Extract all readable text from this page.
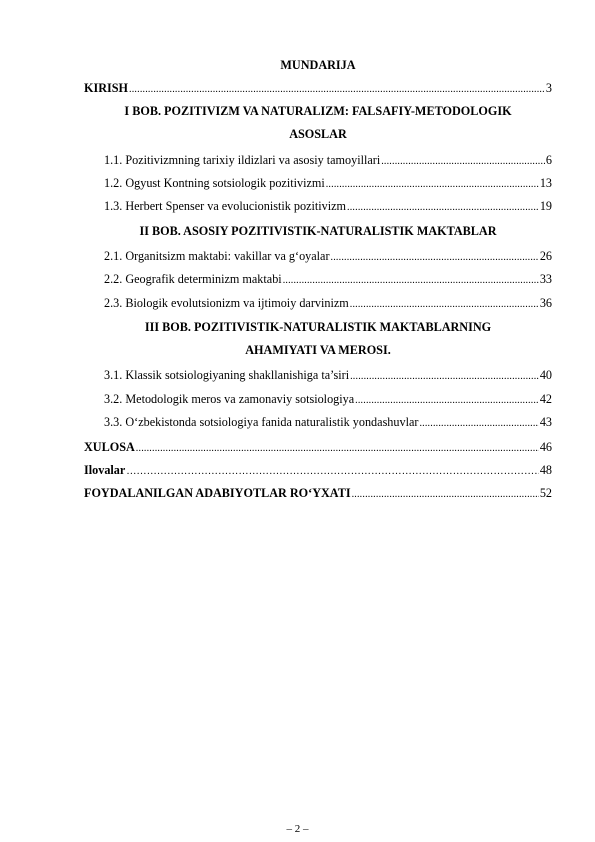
MUNDARIJA
KIRISH .....	3
I BOB. POZITIVIZM VA NATURALIZM: FALSAFIY-METODOLOGIK
ASOSLAR
1.1. Pozitivizmning tarixiy ildizlari va asosiy tamoyillari .....	6
1.2. Ogyust Kontning sotsiologik pozitivizmi .....	13
1.3. Herbert Spenser va evolucionistik pozitivizm .....	19
II BOB. ASOSIY POZITIVISTIK-NATURALISTIK MAKTABLAR
2.1. Organitsizm maktabi: vakillar va g‘oyalar .....	26
2.2. Geografik determinizm maktabi .....	33
2.3. Biologik evolutsionizm va ijtimoiy darvinizm .....	36
III BOB. POZITIVISTIK-NATURALISTIK MAKTABLARNING
AHAMIYATI VA MEROSI.
3.1. Klassik sotsiologiyaning shakllanishiga ta’siri .....	40
3.2. Metodologik meros va zamonaviy sotsiologiya .....	42
3.3. O‘zbekistonda sotsiologiya fanida naturalistik yondashuvlar .....	43
XULOSA .....	46
Ilovalar …………………………………………………………………………………………………………………………………………………………………	48
FOYDALANILGAN ADABIYOTLAR RO‘YXATI .....	52
– 2 –
